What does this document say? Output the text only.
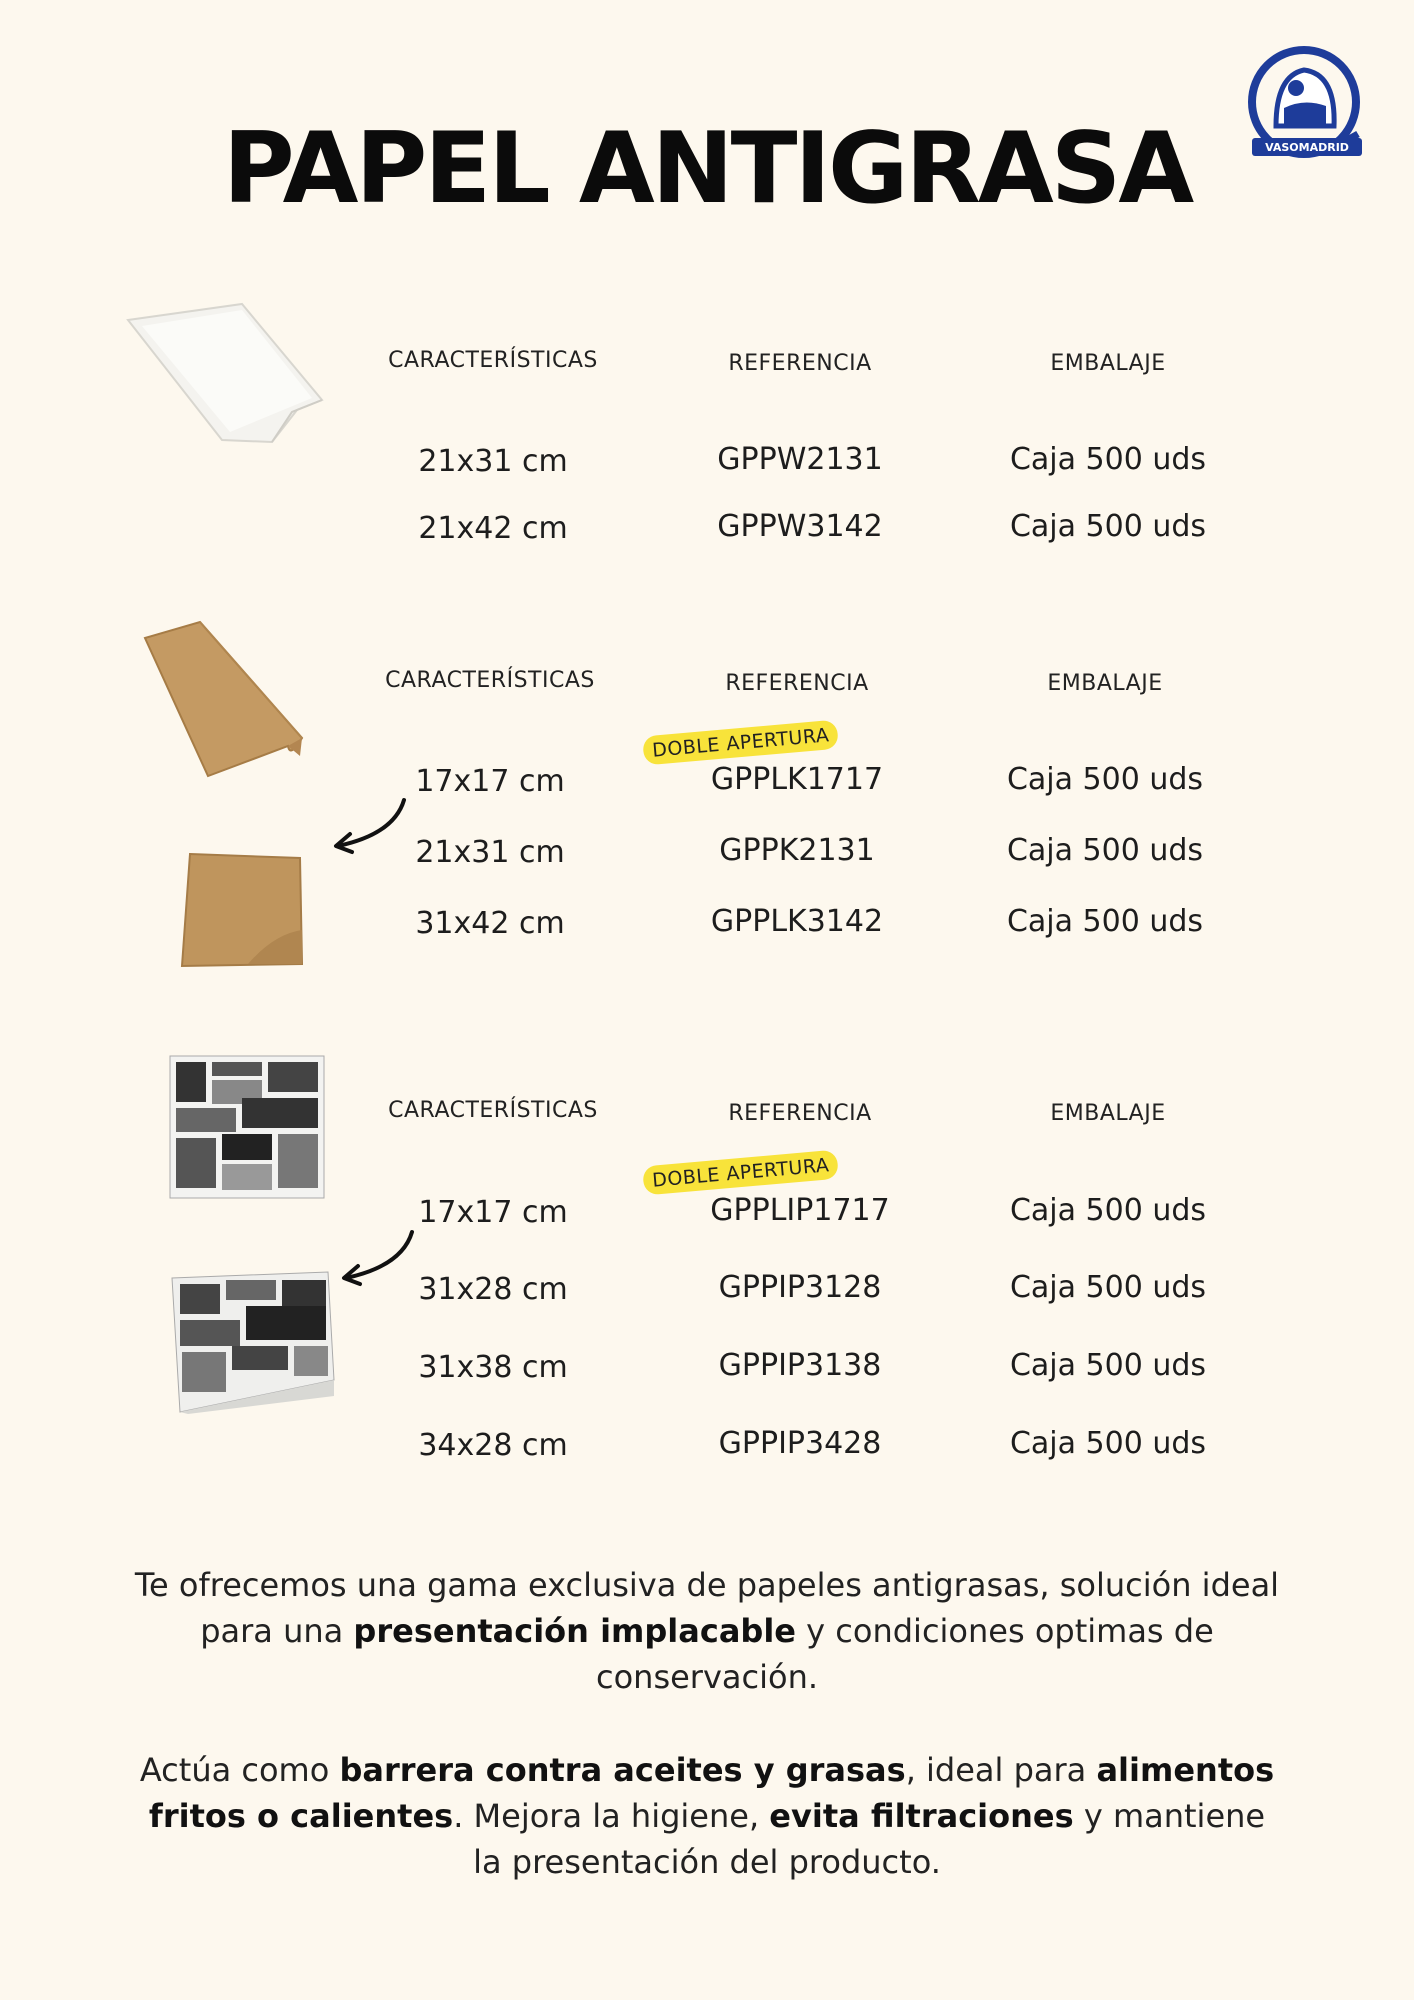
PAPEL ANTIGRASA	VASOMADRID
CARACTERÍSTICAS	REFERENCIA	EMBALAJE
21x31 cm	GPPW2131	Caja 500 uds
21x42 cm	GPPW3142	Caja 500 uds
CARACTERÍSTICAS	REFERENCIA	EMBALAJE
DOBLE APERTURA
17x17 cm	GPPLK1717	Caja 500 uds
21x31 cm	GPPK2131	Caja 500 uds
31x42 cm	GPPLK3142	Caja 500 uds
CARACTERÍSTICAS	REFERENCIA	EMBALAJE
DOBLE APERTURA
17x17 cm	GPPLIP1717	Caja 500 uds
31x28 cm	GPPIP3128	Caja 500 uds
31x38 cm	GPPIP3138	Caja 500 uds
34x28 cm	GPPIP3428	Caja 500 uds
Te ofrecemos una gama exclusiva de papeles antigrasas, solución ideal para una presentación implacable y condiciones optimas de conservación.
Actúa como barrera contra aceites y grasas, ideal para alimentos fritos o calientes. Mejora la higiene, evita filtraciones y mantiene la presentación del producto.
